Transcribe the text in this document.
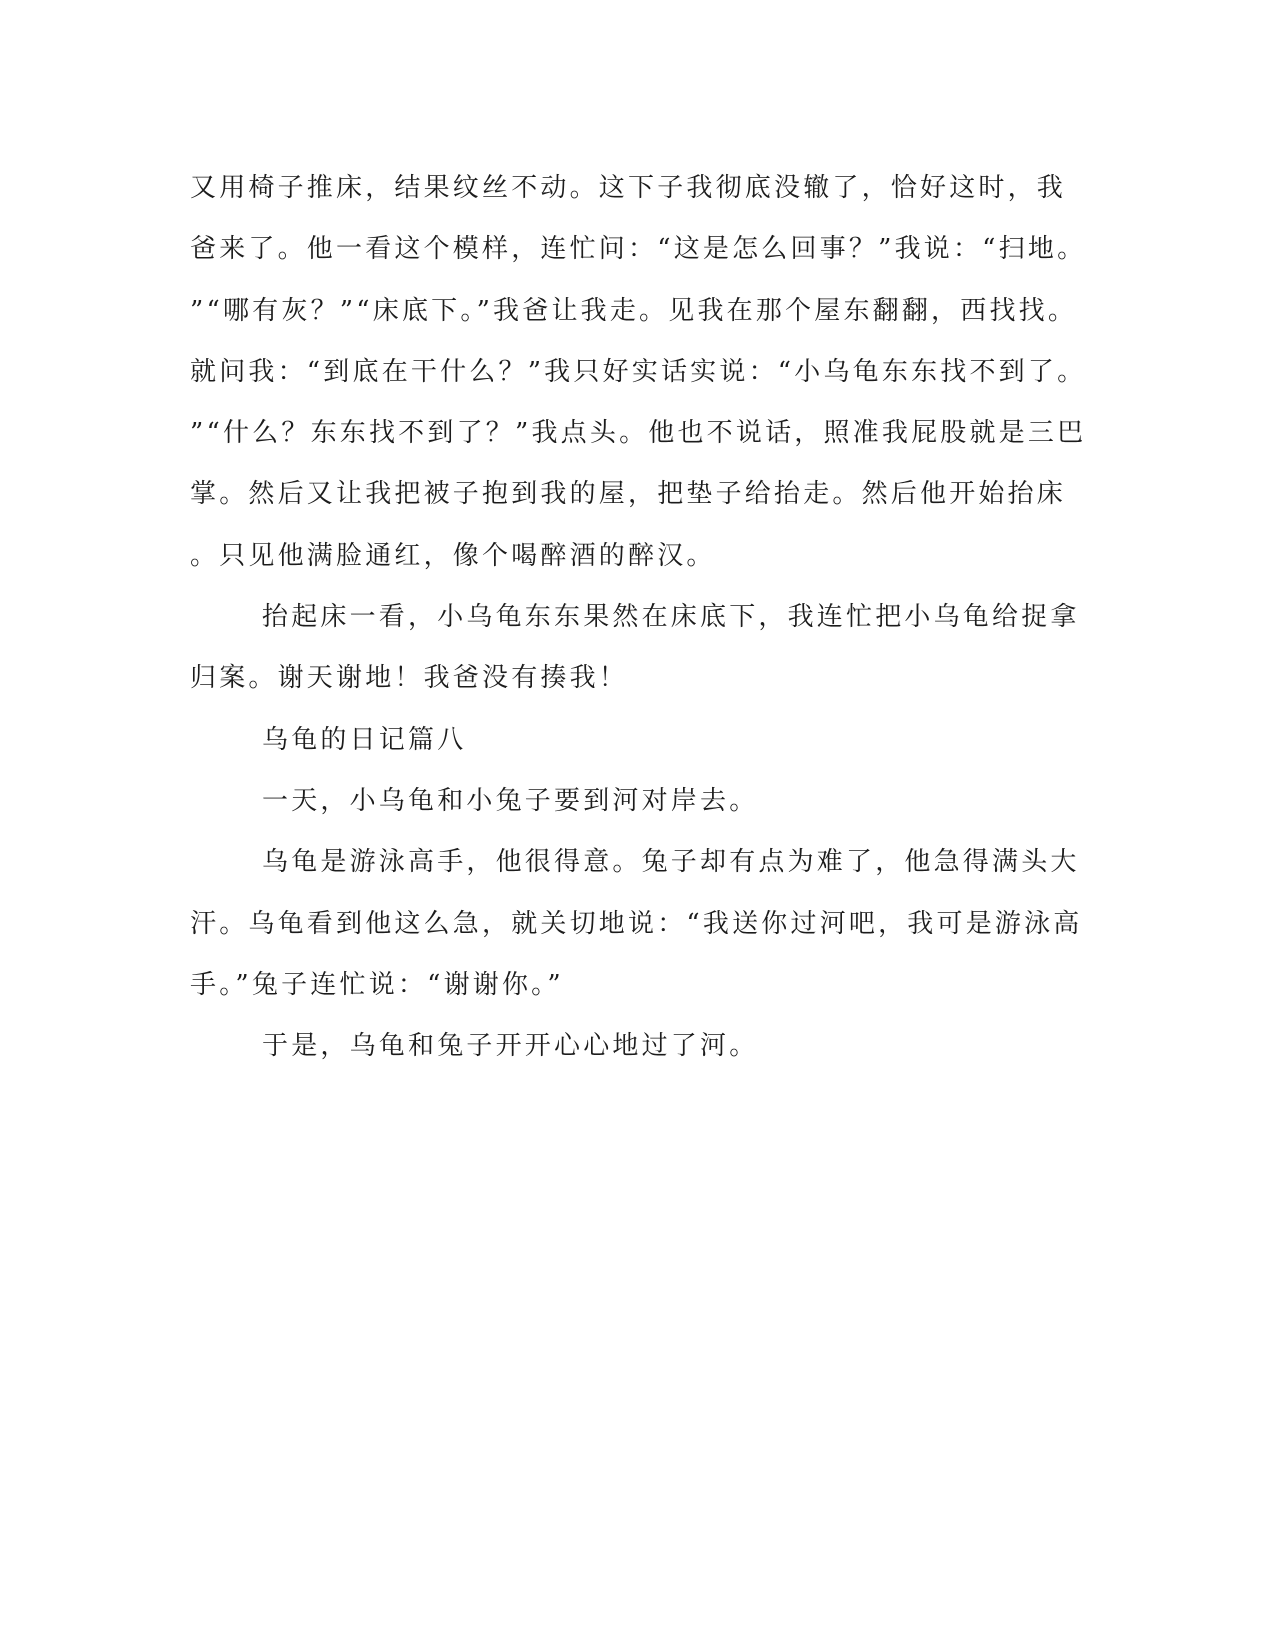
又用椅子推床，结果纹丝不动。这下子我彻底没辙了，恰好这时，我
爸来了。他一看这个模样，连忙问：“这是怎么回事？”我说：“扫地。
”“哪有灰？”“床底下。”我爸让我走。见我在那个屋东翻翻，西找找。
就问我：“到底在干什么？”我只好实话实说：“小乌龟东东找不到了。
”“什么？东东找不到了？”我点头。他也不说话，照准我屁股就是三巴
掌。然后又让我把被子抱到我的屋，把垫子给抬走。然后他开始抬床
。只见他满脸通红，像个喝醉酒的醉汉。
抬起床一看，小乌龟东东果然在床底下，我连忙把小乌龟给捉拿
归案。谢天谢地！我爸没有揍我！
乌龟的日记篇八
一天，小乌龟和小兔子要到河对岸去。
乌龟是游泳高手，他很得意。兔子却有点为难了，他急得满头大
汗。乌龟看到他这么急，就关切地说：“我送你过河吧，我可是游泳高
手。”兔子连忙说：“谢谢你。”
于是，乌龟和兔子开开心心地过了河。
